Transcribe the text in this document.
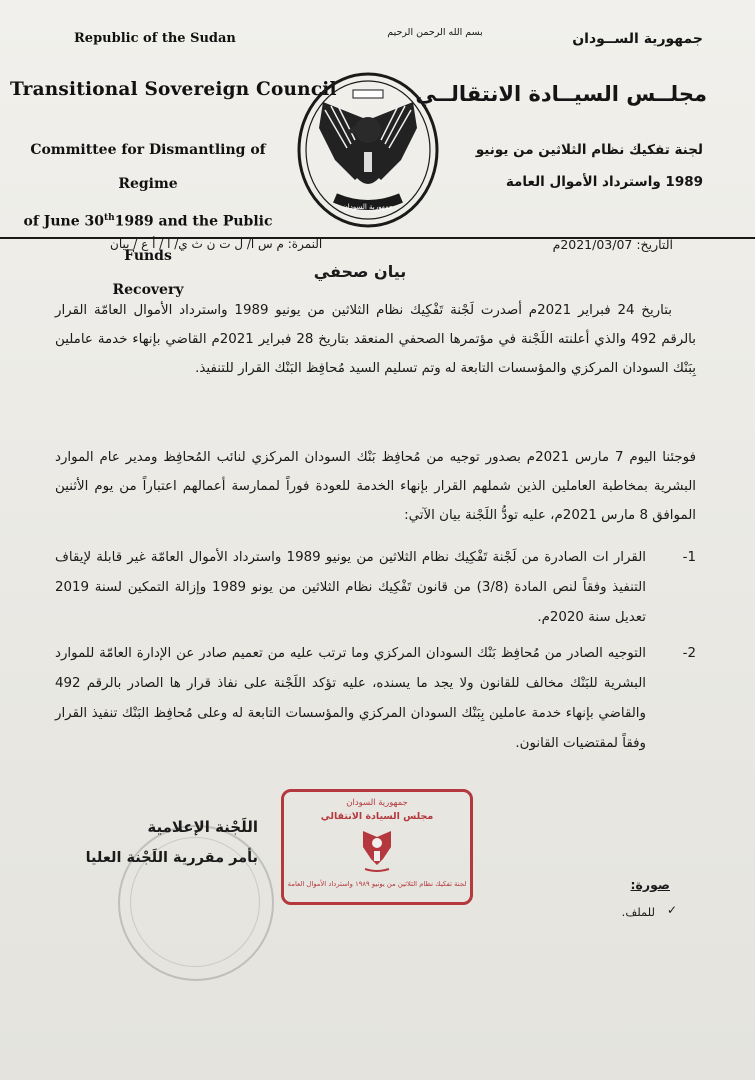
Republic of the Sudan
Transitional Sovereign Council
Committee for Dismantling of Regime
of June 30th1989 and the Public Funds
Recovery
بسم الله الرحمن الرحيم	جمهورية الســودان
مجلــس السيــادة الانتقالــي
لجنة تفكيك نظام الثلاثين من يونيو
1989 واسترداد الأموال العامة
جمهورية السودان
التاريخ: 2021/03/07م
النمرة: م س ا/ ل ت ن ث ي/ ا / أ ع / بيان
بيان صحفي
بتاريخ 24 فبراير 2021م أصدرت لَجْنة تَفْكِيك نظام الثلاثين من يونيو 1989 واسترداد الأموال العامّة القرار بالرقم 492 والذي أعلنته اللَجْنة في مؤتمرها الصحفي المنعقد بتاريخ 28 فبراير 2021م القاضي بإنهاء خدمة عاملين بِبَنْك السودان المركزي والمؤسسات التابعة له وتم تسليم السيد مُحافِظ البَنْك القرار للتنفيذ.
فوجئنا اليوم 7 مارس 2021م بصدور توجيه من مُحافِظ بَنْك السودان المركزي لنائب المُحافِظ ومدير عام الموارد البشرية بمخاطبة العاملين الذين شملهم القرار بإنهاء الخدمة للعودة فوراً لممارسة أعمالهم اعتباراً من يوم الأثنين الموافق 8 مارس 2021م، عليه تودُّ اللَجْنة بيان الآتي:
-1
القرار ات الصادرة من لَجْنة تَفْكِيك نظام الثلاثين من يونيو 1989 واسترداد الأموال العامّة غير قابلة لإيقاف التنفيذ وفقاً لنص المادة (3/8) من قانون تَفْكِيك نظام الثلاثين من يونو 1989 وإزالة التمكين لسنة 2019 تعديل سنة 2020م.
-2
التوجيه الصادر من مُحافِظ بَنْك السودان المركزي وما ترتب عليه من تعميم صادر عن الإدارة العامّة للموارد البشرية للبَنْك مخالف للقانون ولا يجد ما يسنده، عليه تؤكد اللَجْنة على نفاذ قرار ها الصادر بالرقم 492 والقاضي بإنهاء خدمة عاملين بِبَنْك السودان المركزي والمؤسسات التابعة له وعلى مُحافِظ البَنْك تنفيذ القرار وفقاً لمقتضيات القانون.
اللَجْنة الإعلامية
بأمر مقررية اللَجْنة العليا
جمهورية السودان
مجلس السيادة الانتقالي
لجنة تفكيك نظام الثلاثين من يونيو ١٩٨٩ واسترداد الأموال العامة	صورة:
✓
للملف.
